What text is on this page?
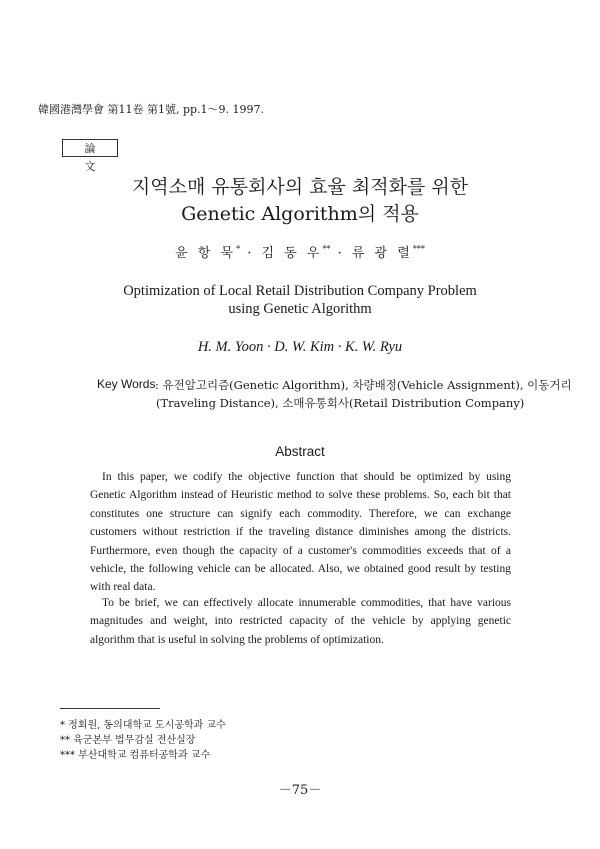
韓國港灣學會 第11卷 第1號, pp.1～9. 1997.
論文
지역소매 유통회사의 효율 최적화를 위한
Genetic Algorithm의 적용
윤 항 묵* · 김 동 우** · 류 광 렬***
Optimization of Local Retail Distribution Company Problem
using Genetic Algorithm
H. M. Yoon · D. W. Kim · K. W. Ryu
Key Words : 유전알고리즘(Genetic Algorithm), 차량배정(Vehicle Assignment), 이동거리
(Traveling Distance), 소매유통회사(Retail Distribution Company)
Abstract
In this paper, we codify the objective function that should be optimized by using
Genetic Algorithm instead of Heuristic method to solve these problems. So, each bit that
constitutes one structure can signify each commodity. Therefore, we can exchange
customers without restriction if the traveling distance diminishes among the districts.
Furthermore, even though the capacity of a customer's commodities exceeds that of a
vehicle, the following vehicle can be allocated. Also, we obtained good result by testing
with real data.
To be brief, we can effectively allocate innumerable commodities, that have various
magnitudes and weight, into restricted capacity of the vehicle by applying genetic
algorithm that is useful in solving the problems of optimization.
* 정회원, 동의대학교 도시공학과 교수
** 육군본부 법무감실 전산실장
*** 부산대학교 컴퓨터공학과 교수
－75－
